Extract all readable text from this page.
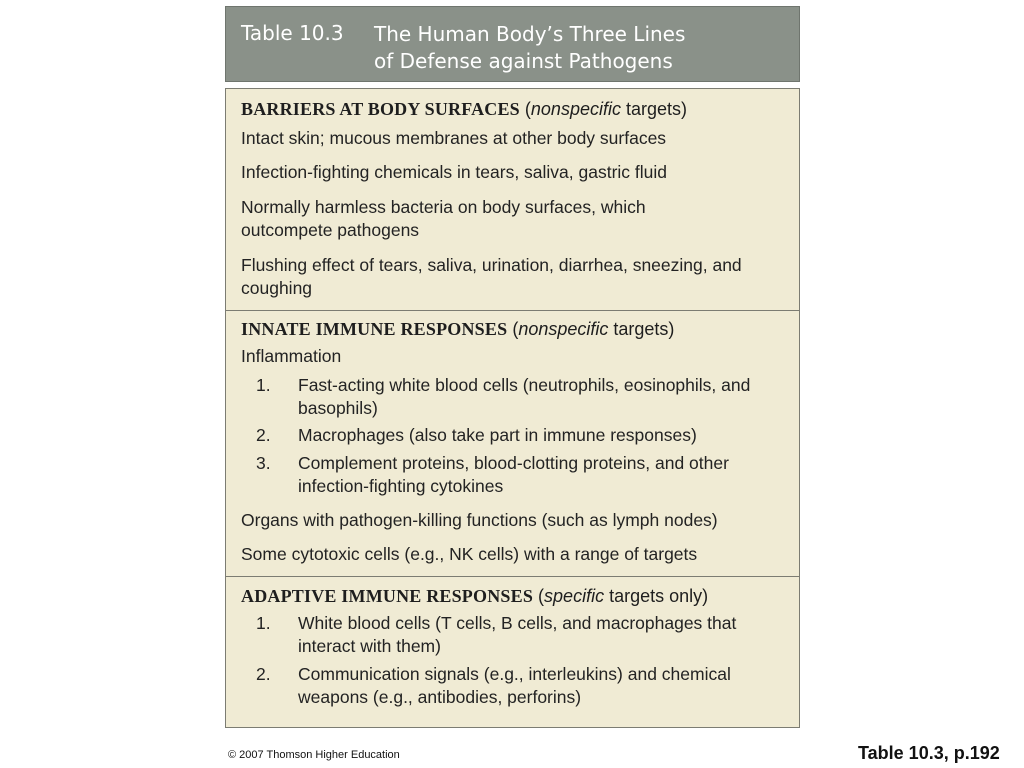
Table 10.3 The Human Body’s Three Lines
of Defense against Pathogens
BARRIERS AT BODY SURFACES (nonspecific targets)
Intact skin; mucous membranes at other body surfaces
Infection-fighting chemicals in tears, saliva, gastric fluid
Normally harmless bacteria on body surfaces, which outcompete pathogens
Flushing effect of tears, saliva, urination, diarrhea, sneezing, and coughing
INNATE IMMUNE RESPONSES (nonspecific targets)
Inflammation
1. Fast-acting white blood cells (neutrophils, eosinophils, and basophils)
2. Macrophages (also take part in immune responses)
3. Complement proteins, blood-clotting proteins, and other infection-fighting cytokines
Organs with pathogen-killing functions (such as lymph nodes)
Some cytotoxic cells (e.g., NK cells) with a range of targets
ADAPTIVE IMMUNE RESPONSES (specific targets only)
1. White blood cells (T cells, B cells, and macrophages that interact with them)
2. Communication signals (e.g., interleukins) and chemical weapons (e.g., antibodies, perforins)
© 2007 Thomson Higher Education	Table 10.3, p.192
